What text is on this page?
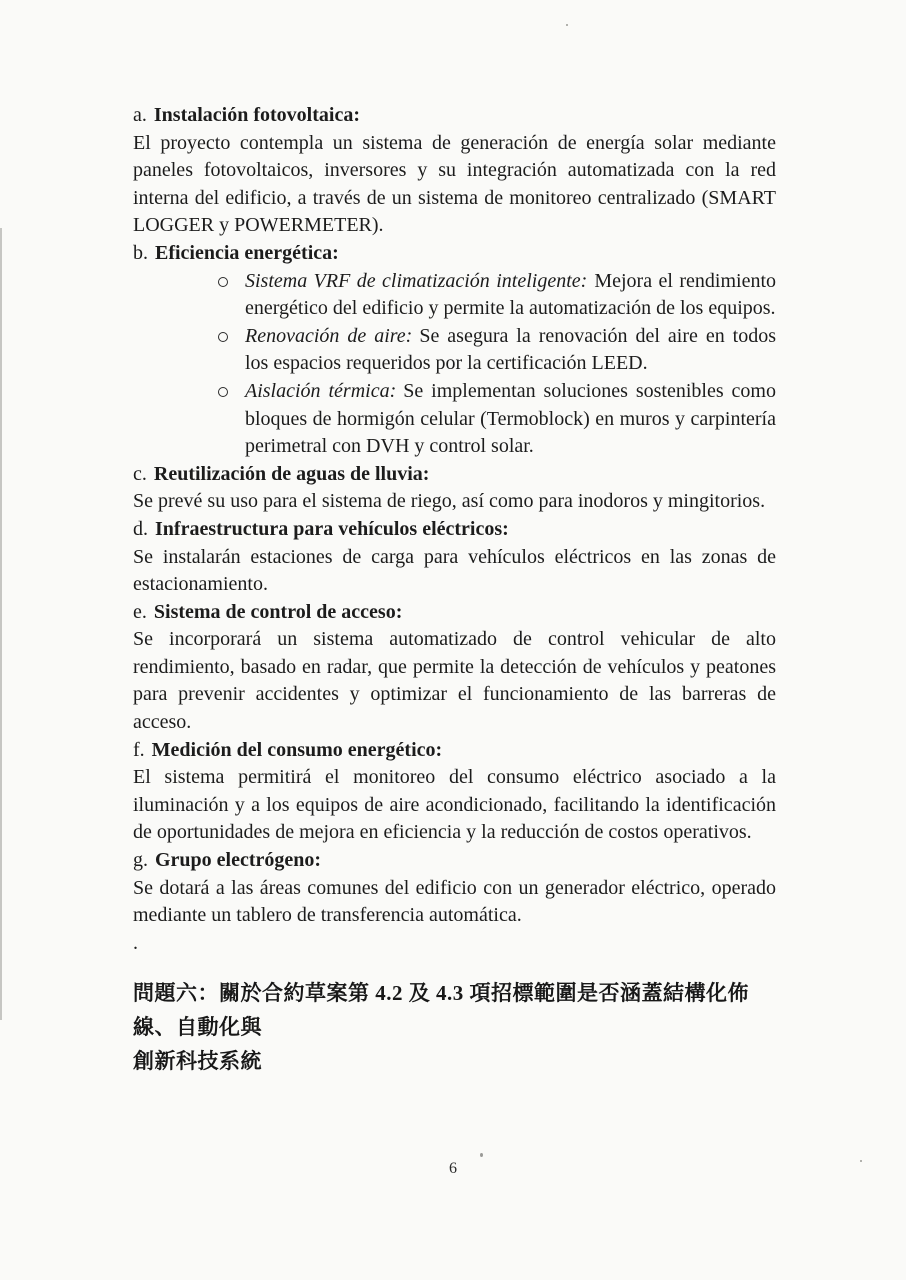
a. Instalación fotovoltaica:

El proyecto contempla un sistema de generación de energía solar mediante paneles fotovoltaicos, inversores y su integración automatizada con la red interna del edificio, a través de un sistema de monitoreo centralizado (SMART LOGGER y POWERMETER).

b. Eficiencia energética:
Sistema VRF de climatización inteligente: Mejora el rendimiento energético del edificio y permite la automatización de los equipos.
Renovación de aire: Se asegura la renovación del aire en todos los espacios requeridos por la certificación LEED.
Aislación térmica: Se implementan soluciones sostenibles como bloques de hormigón celular (Termoblock) en muros y carpintería perimetral con DVH y control solar.
c. Reutilización de aguas de lluvia:

Se prevé su uso para el sistema de riego, así como para inodoros y mingitorios.

d. Infraestructura para vehículos eléctricos:

Se instalarán estaciones de carga para vehículos eléctricos en las zonas de estacionamiento.

e. Sistema de control de acceso:

Se incorporará un sistema automatizado de control vehicular de alto rendimiento, basado en radar, que permite la detección de vehículos y peatones para prevenir accidentes y optimizar el funcionamiento de las barreras de acceso.

f. Medición del consumo energético:

El sistema permitirá el monitoreo del consumo eléctrico asociado a la iluminación y a los equipos de aire acondicionado, facilitando la identificación de oportunidades de mejora en eficiencia y la reducción de costos operativos.

g. Grupo electrógeno:

Se dotará a las áreas comunes del edificio con un generador eléctrico, operado mediante un tablero de transferencia automática.

.
問題六：關於合約草案第 4.2 及 4.3 項招標範圍是否涵蓋結構化佈線、自動化與
創新科技系統
6
